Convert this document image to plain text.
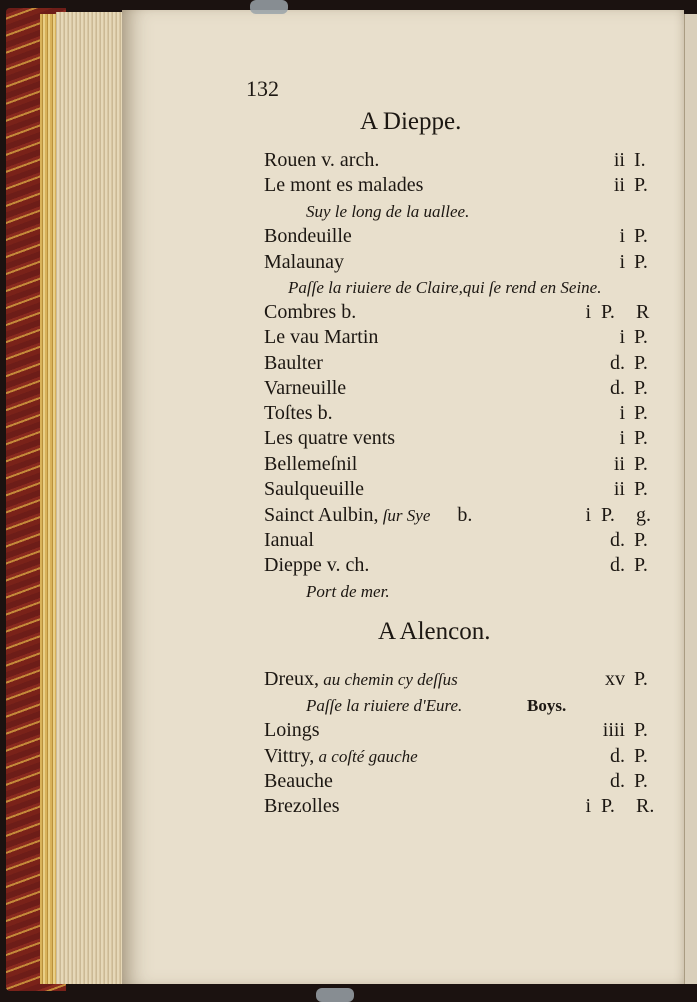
132
A Dieppe.
Rouen v. arch.	ii I.
Le mont es malades	ii P.
Suy le long de la uallee.
Bondeuille	i P.
Malaunay	i P.
Paſſe la riuiere de Claire,qui ſe rend en Seine.
Combres b.	i P. R
Le vau Martin	i P.
Baulter	d. P.
Varneuille	d. P.
Toſtes b.	i P.
Les quatre vents	i P.
Bellemeſnil	ii P.
Saulqueuille	ii P.
Sainct Aulbin, ſur Sye b.	i P. g.
Ianual	d. P.
Dieppe v. ch.	d. P.
Port de mer.
A Alencon.
Dreux, au chemin cy deſſus	xv P.
Paſſe la riuiere d'Eure.	Boys.
Loings	iiii P.
Vittry, a coſté gauche	d. P.
Beauche	d. P.
Brezolles	i P. R.
